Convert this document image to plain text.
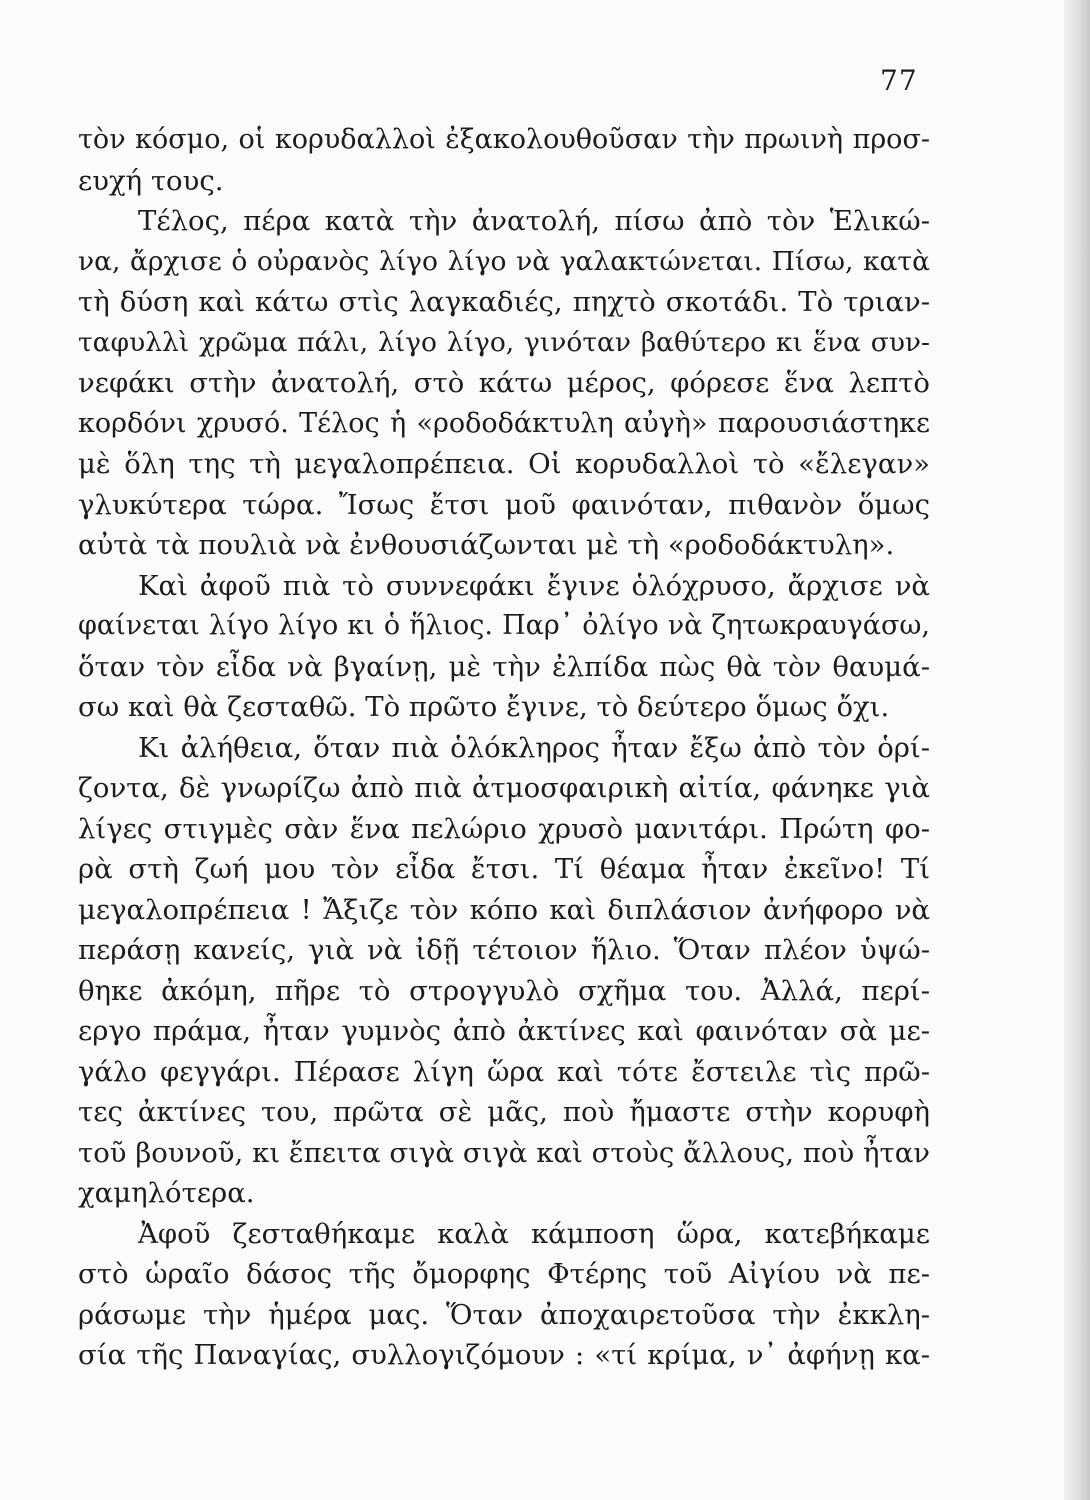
77
τὸν κόσμο, οἱ κορυδαλλοὶ ἐξακολουθοῦσαν τὴν πρωινὴ προσ-
ευχή τους.
Τέλος, πέρα κατὰ τὴν ἀνατολή, πίσω ἀπὸ τὸν Ἑλικώ-
να, ἄρχισε ὁ οὐρανὸς λίγο λίγο νὰ γαλακτώνεται. Πίσω, κατὰ
τὴ δύση καὶ κάτω στὶς λαγκαδιές, πηχτὸ σκοτάδι. Τὸ τριαν-
ταφυλλὶ χρῶμα πάλι, λίγο λίγο, γινόταν βαθύτερο κι ἕνα συν-
νεφάκι στὴν ἀνατολή, στὸ κάτω μέρος, φόρεσε ἕνα λεπτὸ
κορδόνι χρυσό. Τέλος ἡ «ροδοδάκτυλη αὐγὴ» παρουσιάστηκε
μὲ ὅλη της τὴ μεγαλοπρέπεια. Οἱ κορυδαλλοὶ τὸ «ἔλεγαν»
γλυκύτερα τώρα. Ἴσως ἔτσι μοῦ φαινόταν, πιθανὸν ὅμως
αὐτὰ τὰ πουλιὰ νὰ ἐνθουσιάζωνται μὲ τὴ «ροδοδάκτυλη».
Καὶ ἀφοῦ πιὰ τὸ συννεφάκι ἔγινε ὁλόχρυσο, ἄρχισε νὰ
φαίνεται λίγο λίγο κι ὁ ἥλιος. Παρ᾽ ὀλίγο νὰ ζητωκραυγάσω,
ὅταν τὸν εἶδα νὰ βγαίνῃ, μὲ τὴν ἐλπίδα πὼς θὰ τὸν θαυμά-
σω καὶ θὰ ζεσταθῶ. Τὸ πρῶτο ἔγινε, τὸ δεύτερο ὅμως ὄχι.
Κι ἀλήθεια, ὅταν πιὰ ὁλόκληρος ἦταν ἔξω ἀπὸ τὸν ὁρί-
ζοντα, δὲ γνωρίζω ἀπὸ πιὰ ἀτμοσφαιρικὴ αἰτία, φάνηκε γιὰ
λίγες στιγμὲς σὰν ἕνα πελώριο χρυσὸ μανιτάρι. Πρώτη φο-
ρὰ στὴ ζωή μου τὸν εἶδα ἔτσι. Τί θέαμα ἦταν ἐκεῖνο! Τί
μεγαλοπρέπεια ! Ἄξιζε τὸν κόπο καὶ διπλάσιον ἀνήφορο νὰ
περάσῃ κανείς, γιὰ νὰ ἰδῇ τέτοιον ἥλιο. Ὅταν πλέον ὑψώ-
θηκε ἀκόμη, πῆρε τὸ στρογγυλὸ σχῆμα του. Ἀλλά, περί-
εργο πράμα, ἦταν γυμνὸς ἀπὸ ἀκτίνες καὶ φαινόταν σὰ με-
γάλο φεγγάρι. Πέρασε λίγη ὥρα καὶ τότε ἔστειλε τὶς πρῶ-
τες ἀκτίνες του, πρῶτα σὲ μᾶς, ποὺ ἤμαστε στὴν κορυφὴ
τοῦ βουνοῦ, κι ἔπειτα σιγὰ σιγὰ καὶ στοὺς ἄλλους, ποὺ ἦταν
χαμηλότερα.
Ἀφοῦ ζεσταθήκαμε καλὰ κάμποση ὥρα, κατεβήκαμε
στὸ ὡραῖο δάσος τῆς ὄμορφης Φτέρης τοῦ Αἰγίου νὰ πε-
ράσωμε τὴν ἡμέρα μας. Ὅταν ἀποχαιρετοῦσα τὴν ἐκκλη-
σία τῆς Παναγίας, συλλογιζόμουν : «τί κρίμα, ν᾽ ἀφήνῃ κα-
